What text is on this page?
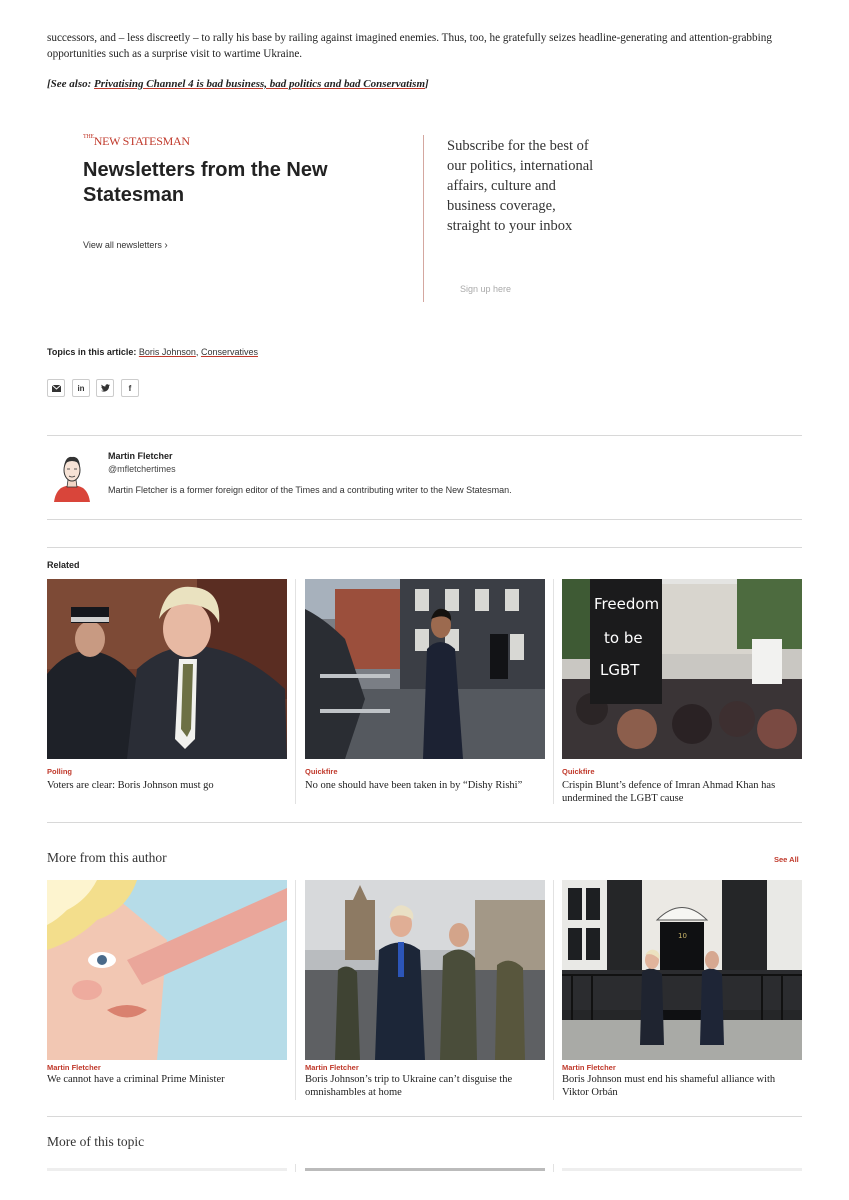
successors, and – less discreetly – to rally his base by railing against imagined enemies. Thus, too, he gratefully seizes headline-generating and attention-grabbing opportunities such as a surprise visit to wartime Ukraine.

[See also: Privatising Channel 4 is bad business, bad politics and bad Conservatism]

$^{THE}$NEW STATESMAN
Newsletters from the New Statesman
View all newsletters ›
Subscribe for the best of our politics, international affairs, culture and business coverage, straight to your inbox
Sign up here
Topics in this article: Boris Johnson, Conservatives
in	f
Martin Fletcher
@mfletchertimes
Martin Fletcher is a former foreign editor of the Times and a contributing writer to the New Statesman.
Related
Polling
Voters are clear: Boris Johnson must go
Quickfire
No one should have been taken in by “Dishy Rishi”
Freedom
to be
LGBT
Quickfire
Crispin Blunt’s defence of Imran Ahmad Khan has undermined the LGBT cause
More from this author	See All
Martin Fletcher
We cannot have a criminal Prime Minister
Martin Fletcher
Boris Johnson’s trip to Ukraine can’t disguise the omnishambles at home
10
Martin Fletcher
Boris Johnson must end his shameful alliance with Viktor Orbán
More of this topic
